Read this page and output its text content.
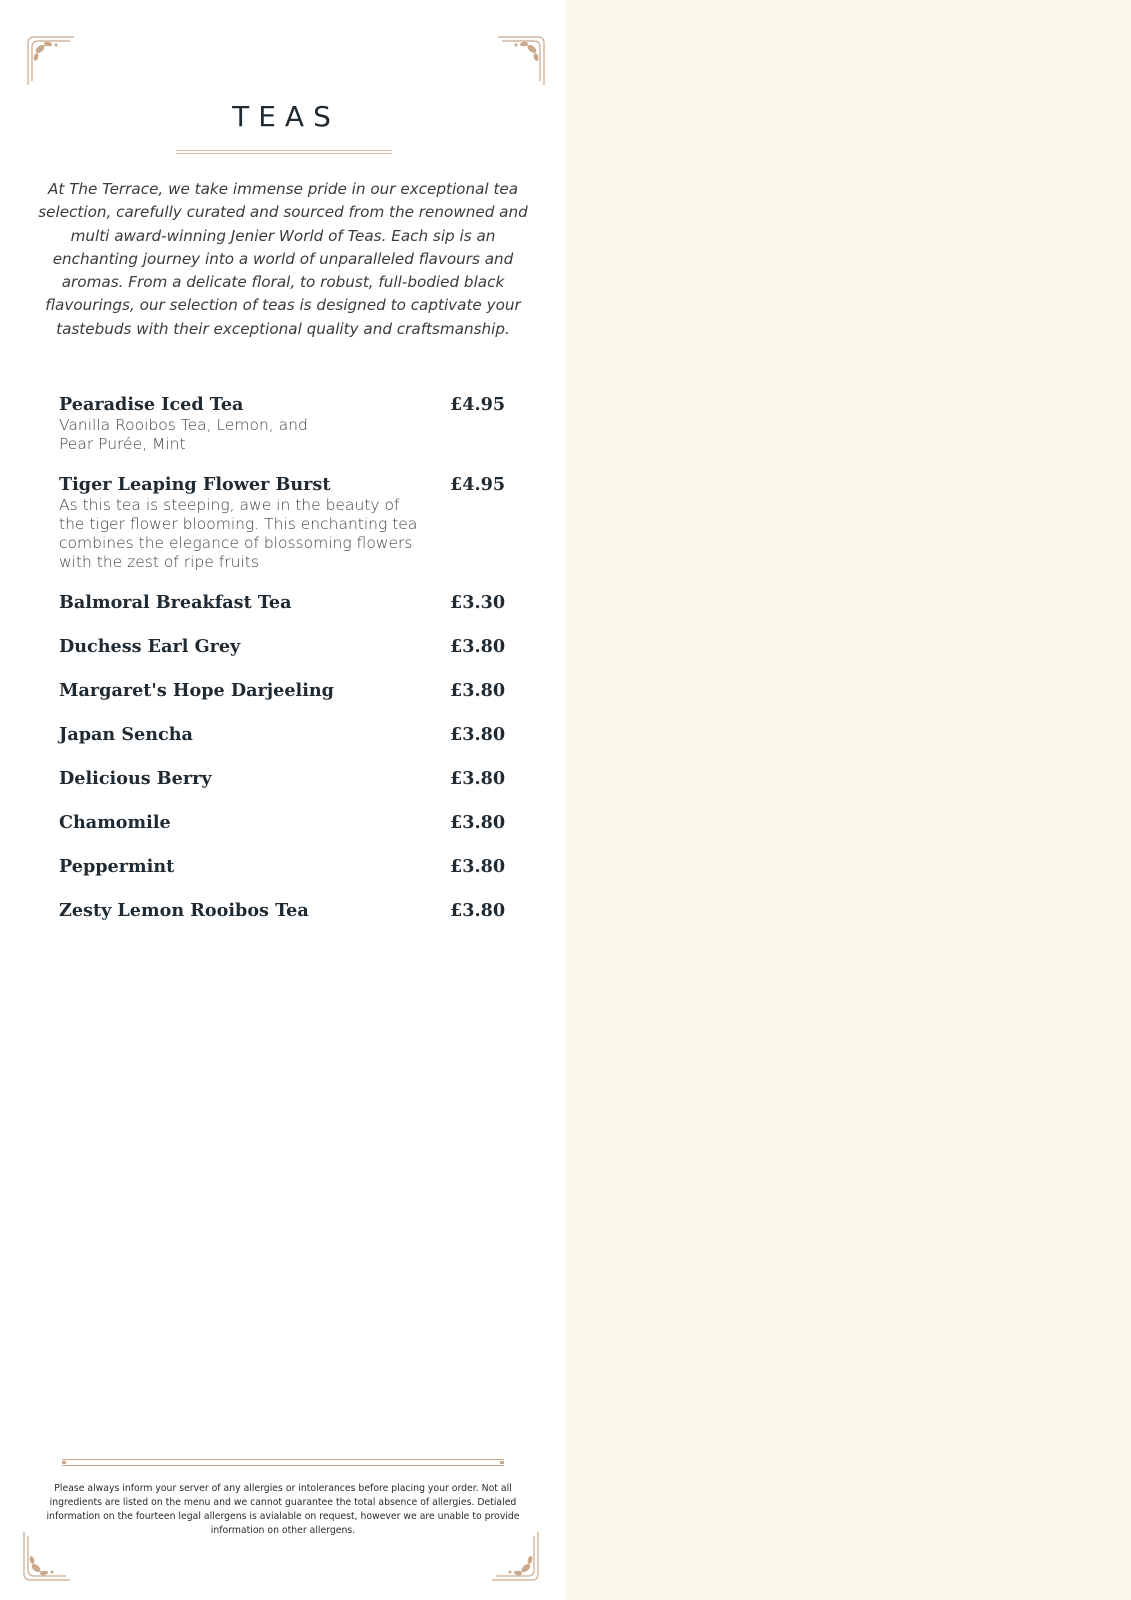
TEAS

At The Terrace, we take immense pride in our exceptional tea selection, carefully curated and sourced from the renowned and multi award-winning Jenier World of Teas. Each sip is an enchanting journey into a world of unparalleled flavours and aromas. From a delicate floral, to robust, full-bodied black flavourings, our selection of teas is designed to captivate your tastebuds with their exceptional quality and craftsmanship.

Pearadise Iced Tea	£4.95
Vanilla Rooibos Tea, Lemon, and Pear Purée, Mint
Tiger Leaping Flower Burst	£4.95
As this tea is steeping, awe in the beauty of the tiger flower blooming. This enchanting tea combines the elegance of blossoming flowers with the zest of ripe fruits
Balmoral Breakfast Tea	£3.30
Duchess Earl Grey	£3.80
Margaret's Hope Darjeeling	£3.80
Japan Sencha	£3.80
Delicious Berry	£3.80
Chamomile	£3.80
Peppermint	£3.80
Zesty Lemon Rooibos Tea	£3.80

Please always inform your server of any allergies or intolerances before placing your order. Not all ingredients are listed on the menu and we cannot guarantee the total absence of allergies. Detialed information on the fourteen legal allergens is avialable on request, however we are unable to provide information on other allergens.
